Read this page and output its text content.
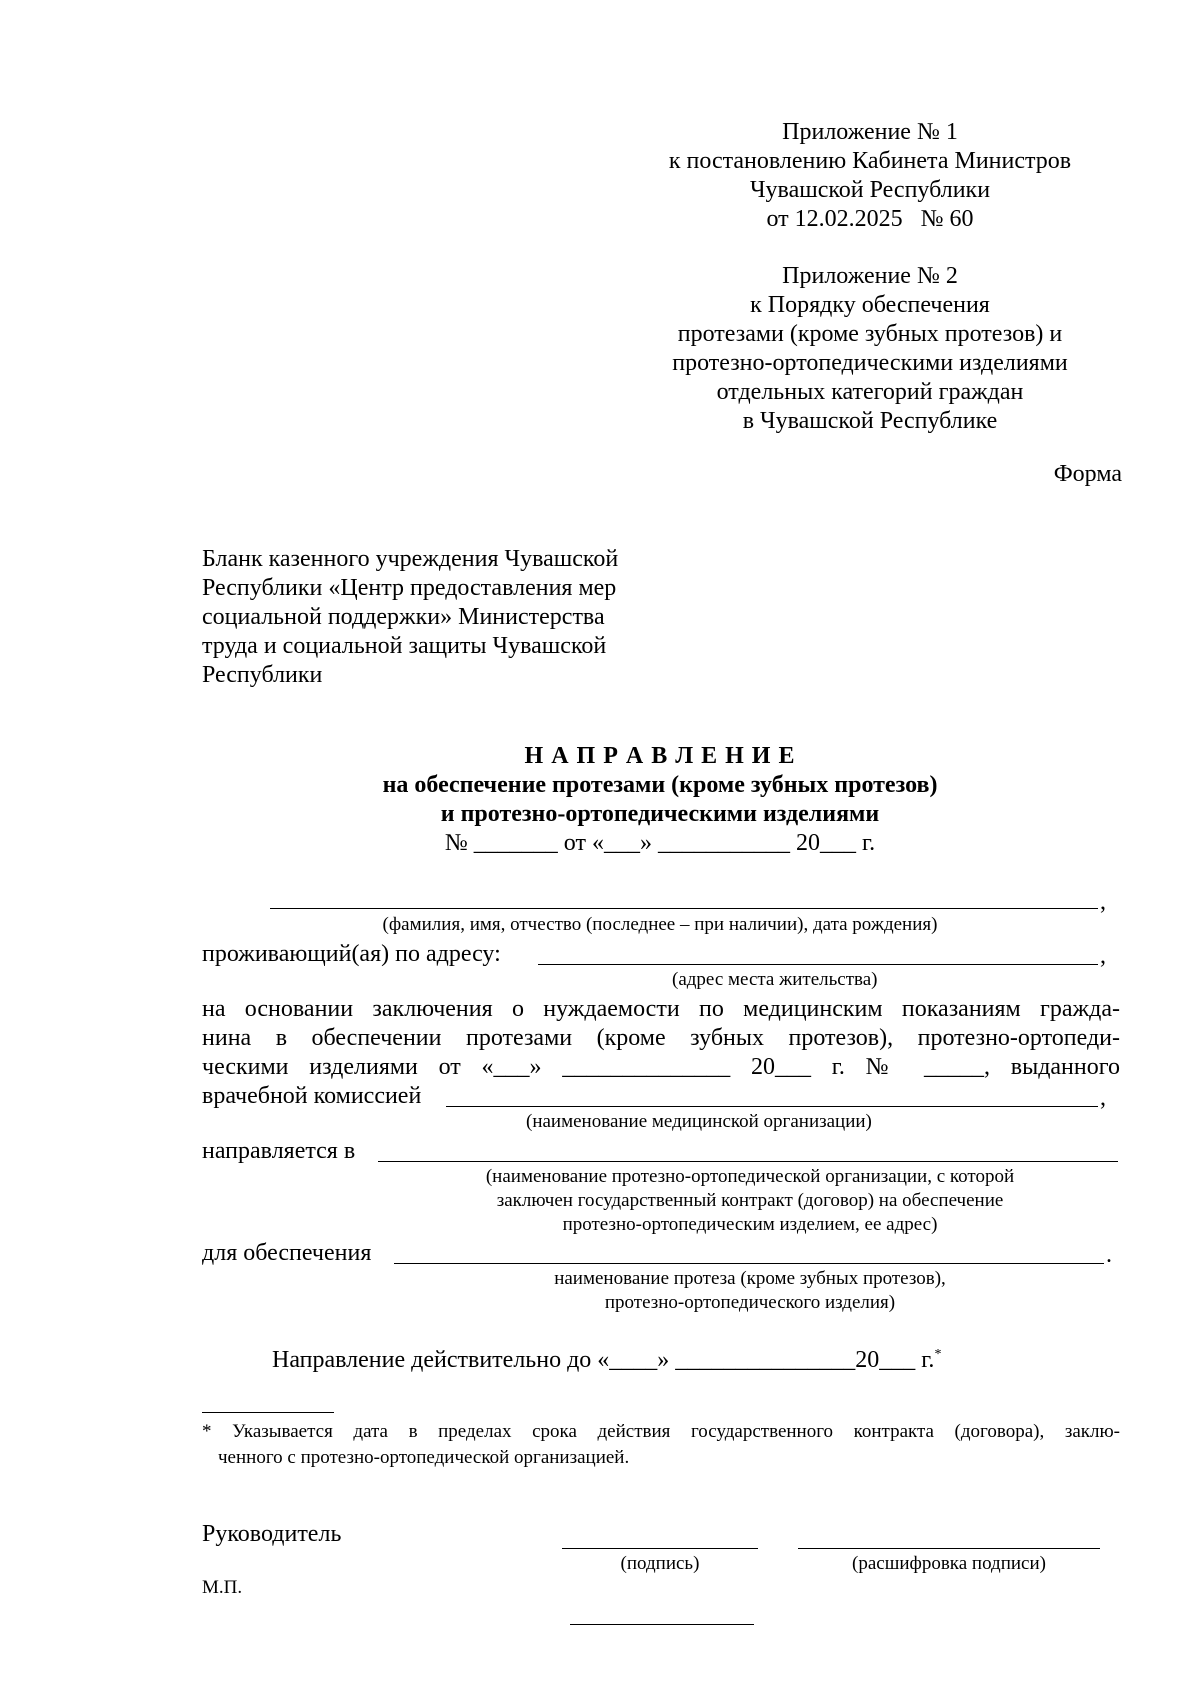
Приложение № 1
к постановлению Кабинета Министров
Чувашской Республики
от 12.02.2025   № 60
Приложение № 2
к Порядку обеспечения
протезами (кроме зубных протезов) и
протезно-ортопедическими изделиями
отдельных категорий граждан
в Чувашской Республике
Форма
Бланк казенного учреждения Чувашской
Республики «Центр предоставления мер
социальной поддержки» Министерства
труда и социальной защиты Чувашской
Республики
Н А П Р А В Л Е Н И Е
на обеспечение протезами (кроме зубных протезов)
и протезно-ортопедическими изделиями
№ _______ от «___» ___________ 20___ г.
,
(фамилия, имя, отчество (последнее – при наличии), дата рождения)
проживающий(ая) по адресу:	,
(адрес места жительства)
на основании заключения о нуждаемости по медицинским показаниям гражда-
нина в обеспечении протезами (кроме зубных протезов), протезно-ортопеди-
ческими изделиями от «___» ______________ 20___ г. № _____, выданного
врачебной комиссией	,
(наименование медицинской организации)
направляется в
(наименование протезно-ортопедической организации, с которой
заключен государственный контракт (договор) на обеспечение
протезно-ортопедическим изделием, ее адрес)
для обеспечения	.
наименование протеза (кроме зубных протезов),
протезно-ортопедического изделия)
Направление действительно до «____» _______________20___ г.*
* Указывается дата в пределах срока действия государственного контракта (договора), заклю-
ченного с протезно-ортопедической организацией.
Руководитель
(подпись)	(расшифровка подписи)
М.П.
